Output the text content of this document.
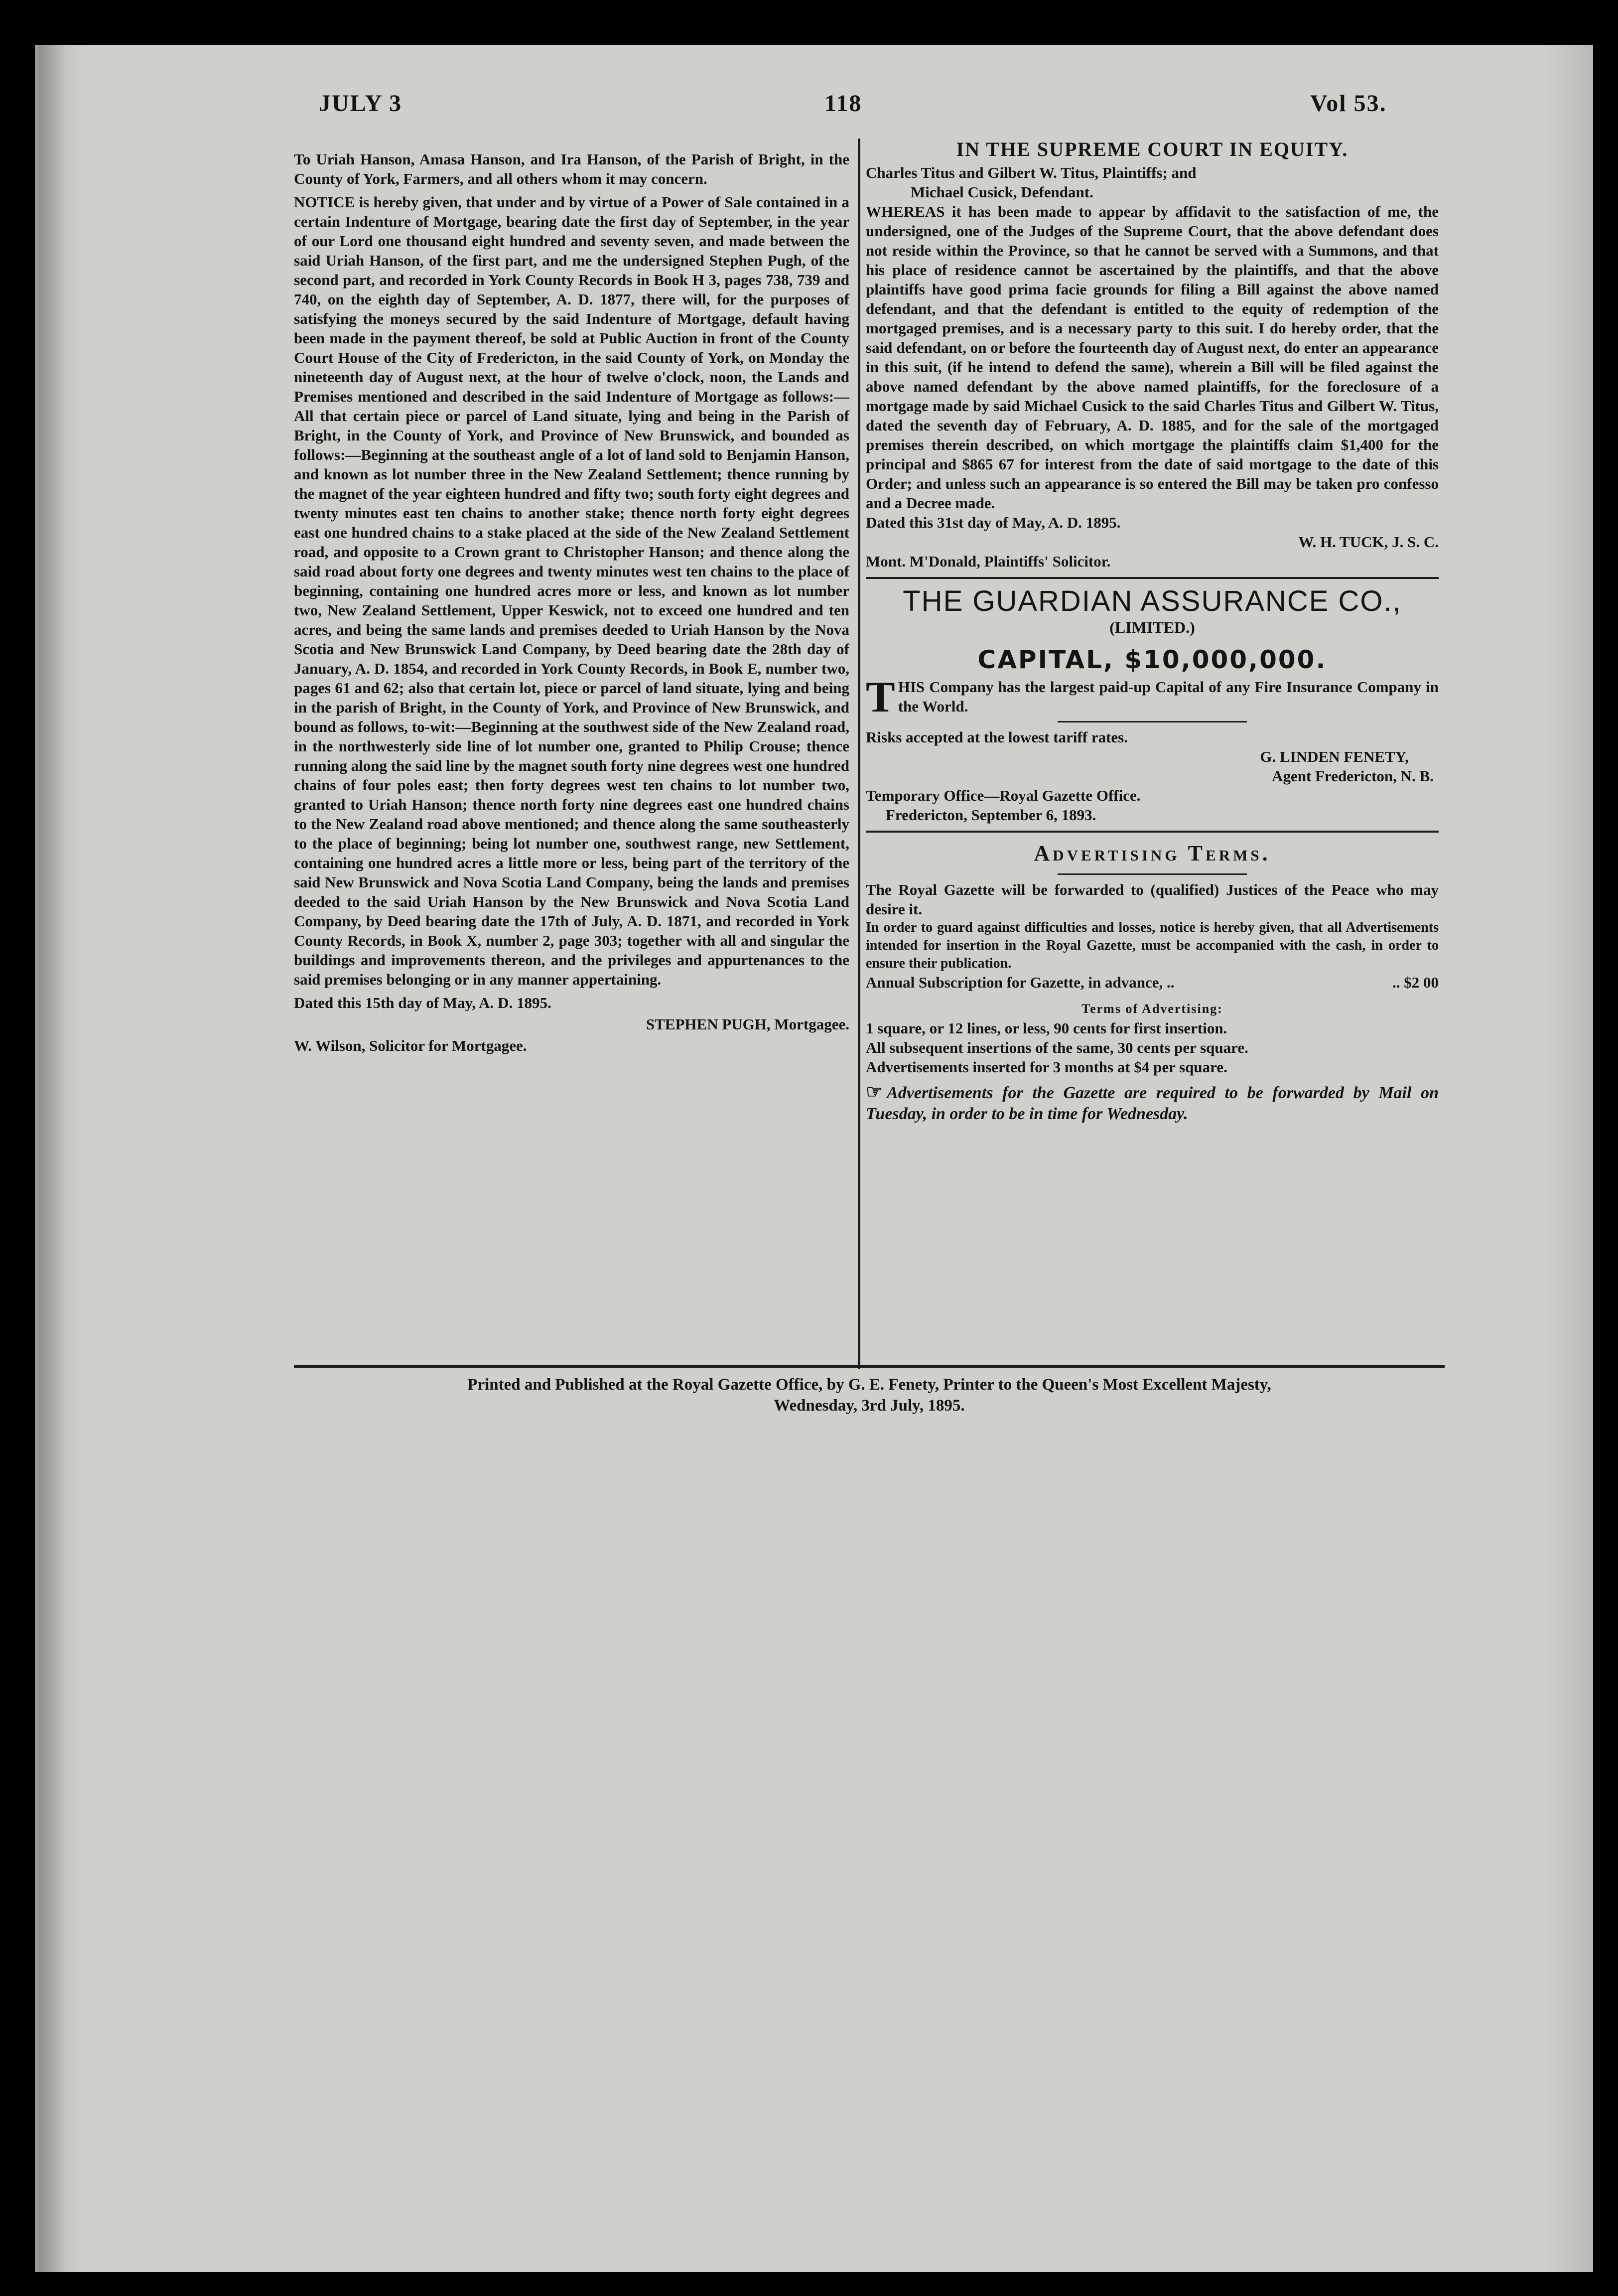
JULY 3	118	Vol 53.

To Uriah Hanson, Amasa Hanson, and Ira Hanson, of the Parish of Bright, in the County of York, Farmers, and all others whom it may concern.

NOTICE is hereby given, that under and by virtue of a Power of Sale contained in a certain Indenture of Mortgage, bearing date the first day of September, in the year of our Lord one thousand eight hundred and seventy seven, and made between the said Uriah Hanson, of the first part, and me the undersigned Stephen Pugh, of the second part, and recorded in York County Records in Book H 3, pages 738, 739 and 740, on the eighth day of September, A. D. 1877, there will, for the purposes of satisfying the moneys secured by the said Indenture of Mortgage, default having been made in the payment thereof, be sold at Public Auction in front of the County Court House of the City of Fredericton, in the said County of York, on Monday the nineteenth day of August next, at the hour of twelve o'clock, noon, the Lands and Premises mentioned and described in the said Indenture of Mortgage as follows:—All that certain piece or parcel of Land situate, lying and being in the Parish of Bright, in the County of York, and Province of New Brunswick, and bounded as follows:—Beginning at the southeast angle of a lot of land sold to Benjamin Hanson, and known as lot number three in the New Zealand Settlement; thence running by the magnet of the year eighteen hundred and fifty two; south forty eight degrees and twenty minutes east ten chains to another stake; thence north forty eight degrees east one hundred chains to a stake placed at the side of the New Zealand Settlement road, and opposite to a Crown grant to Christopher Hanson; and thence along the said road about forty one degrees and twenty minutes west ten chains to the place of beginning, containing one hundred acres more or less, and known as lot number two, New Zealand Settlement, Upper Keswick, not to exceed one hundred and ten acres, and being the same lands and premises deeded to Uriah Hanson by the Nova Scotia and New Brunswick Land Company, by Deed bearing date the 28th day of January, A. D. 1854, and recorded in York County Records, in Book E, number two, pages 61 and 62; also that certain lot, piece or parcel of land situate, lying and being in the parish of Bright, in the County of York, and Province of New Brunswick, and bound as follows, to-wit:—Beginning at the southwest side of the New Zealand road, in the northwesterly side line of lot number one, granted to Philip Crouse; thence running along the said line by the magnet south forty nine degrees west one hundred chains of four poles east; then forty degrees west ten chains to lot number two, granted to Uriah Hanson; thence north forty nine degrees east one hundred chains to the New Zealand road above mentioned; and thence along the same southeasterly to the place of beginning; being lot number one, southwest range, new Settlement, containing one hundred acres a little more or less, being part of the territory of the said New Brunswick and Nova Scotia Land Company, being the lands and premises deeded to the said Uriah Hanson by the New Brunswick and Nova Scotia Land Company, by Deed bearing date the 17th of July, A. D. 1871, and recorded in York County Records, in Book X, number 2, page 303; together with all and singular the buildings and improvements thereon, and the privileges and appurtenances to the said premises belonging or in any manner appertaining.

Dated this 15th day of May, A. D. 1895.

STEPHEN PUGH, Mortgagee.

W. Wilson, Solicitor for Mortgagee.

IN THE SUPREME COURT IN EQUITY.

Charles Titus and Gilbert W. Titus, Plaintiffs; and

Michael Cusick, Defendant.

WHEREAS it has been made to appear by affidavit to the satisfaction of me, the undersigned, one of the Judges of the Supreme Court, that the above defendant does not reside within the Province, so that he cannot be served with a Summons, and that his place of residence cannot be ascertained by the plaintiffs, and that the above plaintiffs have good prima facie grounds for filing a Bill against the above named defendant, and that the defendant is entitled to the equity of redemption of the mortgaged premises, and is a necessary party to this suit. I do hereby order, that the said defendant, on or before the fourteenth day of August next, do enter an appearance in this suit, (if he intend to defend the same), wherein a Bill will be filed against the above named defendant by the above named plaintiffs, for the foreclosure of a mortgage made by said Michael Cusick to the said Charles Titus and Gilbert W. Titus, dated the seventh day of February, A. D. 1885, and for the sale of the mortgaged premises therein described, on which mortgage the plaintiffs claim $1,400 for the principal and $865 67 for interest from the date of said mortgage to the date of this Order; and unless such an appearance is so entered the Bill may be taken pro confesso and a Decree made.

Dated this 31st day of May, A. D. 1895.

W. H. TUCK, J. S. C.

Mont. M'Donald, Plaintiffs' Solicitor.

THE GUARDIAN ASSURANCE CO.,

(LIMITED.)

CAPITAL, $10,000,000.

THIS Company has the largest paid-up Capital of any Fire Insurance Company in the World.

Risks accepted at the lowest tariff rates.

G. LINDEN FENETY,

Agent Fredericton, N. B.

Temporary Office—Royal Gazette Office.

Fredericton, September 6, 1893.

Advertising Terms.

The Royal Gazette will be forwarded to (qualified) Justices of the Peace who may desire it.

In order to guard against difficulties and losses, notice is hereby given, that all Advertisements intended for insertion in the Royal Gazette, must be accompanied with the cash, in order to ensure their publication.

Annual Subscription for Gazette, in advance, ..	.. $2 00

Terms of Advertising:

1 square, or 12 lines, or less, 90 cents for first insertion.

All subsequent insertions of the same, 30 cents per square.

Advertisements inserted for 3 months at $4 per square.

☞ Advertisements for the Gazette are required to be forwarded by Mail on Tuesday, in order to be in time for Wednesday.

Printed and Published at the Royal Gazette Office, by G. E. Fenety, Printer to the Queen's Most Excellent Majesty,
Wednesday, 3rd July, 1895.
